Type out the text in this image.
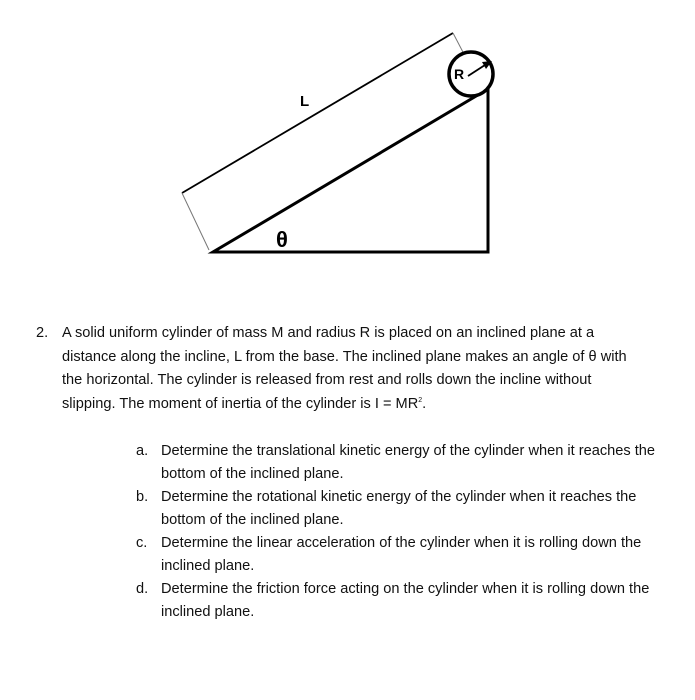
L
θ
R
2. A solid uniform cylinder of mass M and radius R is placed on an inclined plane at a distance along the incline, L from the base. The inclined plane makes an angle of θ with the horizontal. The cylinder is released from rest and rolls down the incline without slipping. The moment of inertia of the cylinder is $I = MR^2$.
a. Determine the translational kinetic energy of the cylinder when it reaches the bottom of the inclined plane.
b. Determine the rotational kinetic energy of the cylinder when it reaches the bottom of the inclined plane.
c. Determine the linear acceleration of the cylinder when it is rolling down the inclined plane.
d. Determine the friction force acting on the cylinder when it is rolling down the inclined plane.
